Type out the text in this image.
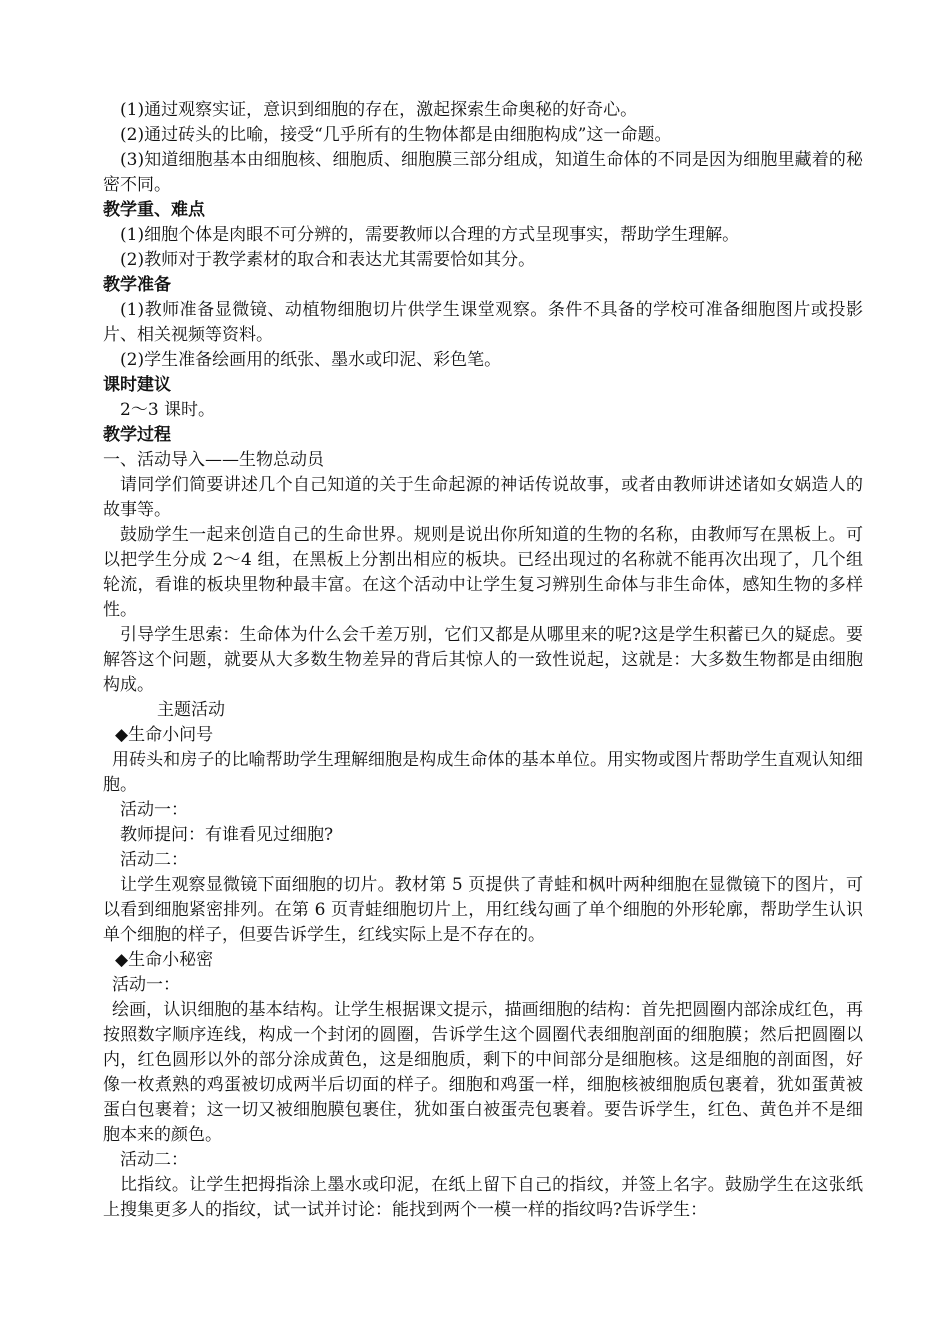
(1)通过观察实证，意识到细胞的存在，激起探索生命奥秘的好奇心。

(2)通过砖头的比喻，接受“几乎所有的生物体都是由细胞构成”这一命题。

(3)知道细胞基本由细胞核、细胞质、细胞膜三部分组成，知道生命体的不同是因为细胞里藏着的秘密不同。

教学重、难点

(1)细胞个体是肉眼不可分辨的，需要教师以合理的方式呈现事实，帮助学生理解。

(2)教师对于教学素材的取合和表达尤其需要恰如其分。

教学准备

(1)教师准备显微镜、动植物细胞切片供学生课堂观察。条件不具备的学校可准备细胞图片或投影片、相关视频等资料。

(2)学生准备绘画用的纸张、墨水或印泥、彩色笔。

课时建议

2～3 课时。

教学过程

一、活动导入——生物总动员

请同学们简要讲述几个自己知道的关于生命起源的神话传说故事，或者由教师讲述诸如女娲造人的故事等。

鼓励学生一起来创造自己的生命世界。规则是说出你所知道的生物的名称，由教师写在黑板上。可以把学生分成 2～4 组，在黑板上分割出相应的板块。已经出现过的名称就不能再次出现了，几个组轮流，看谁的板块里物种最丰富。在这个活动中让学生复习辨别生命体与非生命体，感知生物的多样性。

引导学生思索：生命体为什么会千差万别，它们又都是从哪里来的呢?这是学生积蓄已久的疑虑。要解答这个问题，就要从大多数生物差异的背后其惊人的一致性说起，这就是：大多数生物都是由细胞构成。

主题活动

◆生命小问号

用砖头和房子的比喻帮助学生理解细胞是构成生命体的基本单位。用实物或图片帮助学生直观认知细胞。

活动一：

教师提问：有谁看见过细胞?

活动二：

让学生观察显微镜下面细胞的切片。教材第 5 页提供了青蛙和枫叶两种细胞在显微镜下的图片，可以看到细胞紧密排列。在第 6 页青蛙细胞切片上，用红线勾画了单个细胞的外形轮廓，帮助学生认识单个细胞的样子，但要告诉学生，红线实际上是不存在的。

◆生命小秘密

活动一：

绘画，认识细胞的基本结构。让学生根据课文提示，描画细胞的结构：首先把圆圈内部涂成红色，再按照数字顺序连线，构成一个封闭的圆圈，告诉学生这个圆圈代表细胞剖面的细胞膜；然后把圆圈以内，红色圆形以外的部分涂成黄色，这是细胞质，剩下的中间部分是细胞核。这是细胞的剖面图，好像一枚煮熟的鸡蛋被切成两半后切面的样子。细胞和鸡蛋一样，细胞核被细胞质包裹着，犹如蛋黄被蛋白包裹着；这一切又被细胞膜包裹住，犹如蛋白被蛋壳包裹着。要告诉学生，红色、黄色并不是细胞本来的颜色。

活动二：

比指纹。让学生把拇指涂上墨水或印泥，在纸上留下自己的指纹，并签上名字。鼓励学生在这张纸上搜集更多人的指纹，试一试并讨论：能找到两个一模一样的指纹吗?告诉学生：
